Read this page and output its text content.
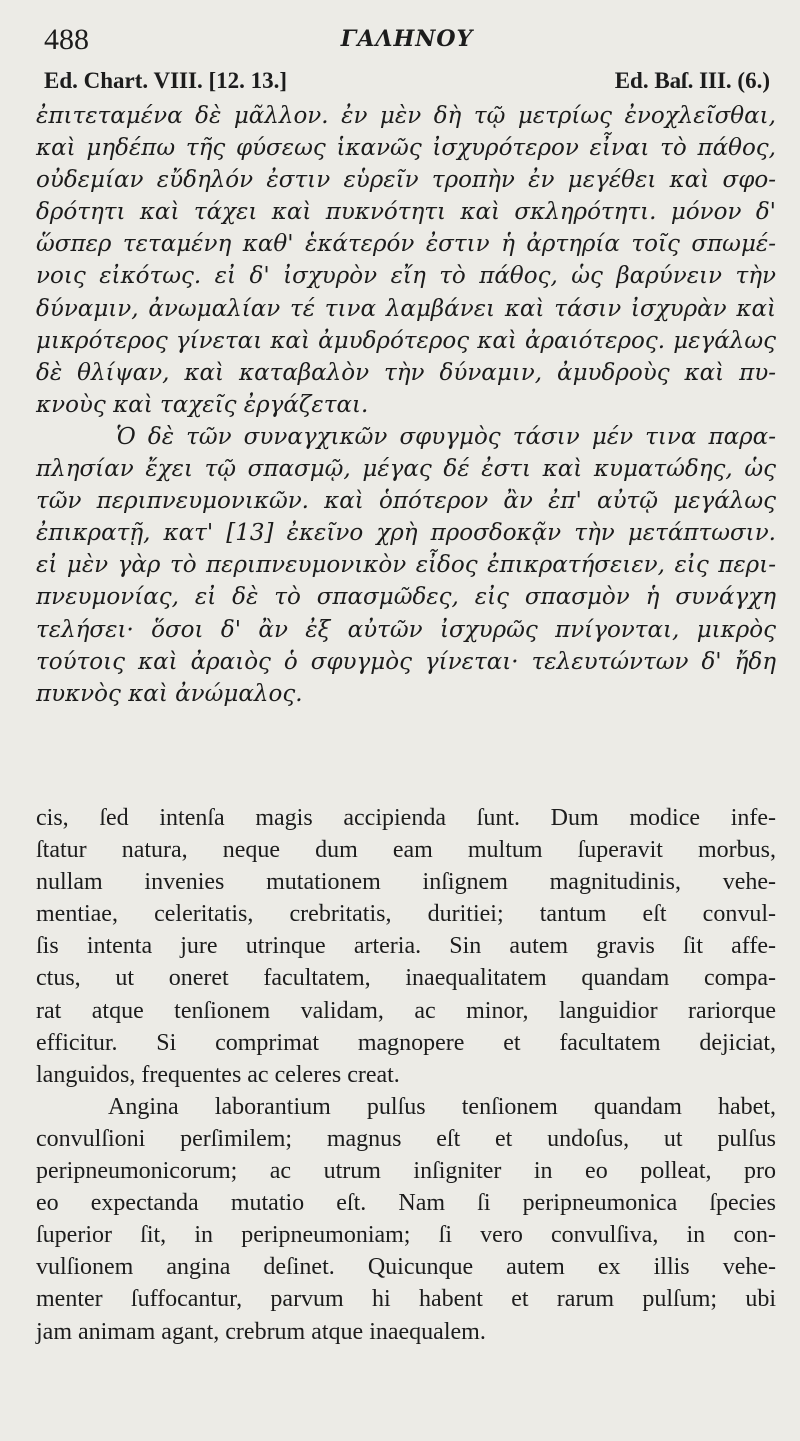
488	ΓΑΛΗΝΟΥ
Ed. Chart. VIII. [12. 13.]	Ed. Baſ. III. (6.)
ἐπιτεταμένα δὲ μᾶλλον. ἐν μὲν δὴ τῷ μετρίως ἐνοχλεῖσθαι,
καὶ μηδέπω τῆς φύσεως ἱκανῶς ἰσχυρότερον εἶναι τὸ πάθος,
οὐδεμίαν εὔδηλόν ἐστιν εὑρεῖν τροπὴν ἐν μεγέθει καὶ σφο-
δρότητι καὶ τάχει καὶ πυκνότητι καὶ σκληρότητι. μόνον δ'
ὥσπερ τεταμένη καθ' ἑκάτερόν ἐστιν ἡ ἀρτηρία τοῖς σπωμέ-
νοις εἰκότως. εἰ δ' ἰσχυρὸν εἴη τὸ πάθος, ὡς βαρύνειν τὴν
δύναμιν, ἀνωμαλίαν τέ τινα λαμβάνει καὶ τάσιν ἰσχυρὰν καὶ
μικρότερος γίνεται καὶ ἀμυδρότερος καὶ ἀραιότερος. μεγάλως
δὲ θλίψαν, καὶ καταβαλὸν τὴν δύναμιν, ἀμυδροὺς καὶ πυ-
κνοὺς καὶ ταχεῖς ἐργάζεται.
Ὁ δὲ τῶν συναγχικῶν σφυγμὸς τάσιν μέν τινα παρα-
πλησίαν ἔχει τῷ σπασμῷ, μέγας δέ ἐστι καὶ κυματώδης, ὡς
τῶν περιπνευμονικῶν. καὶ ὁπότερον ἂν ἐπ' αὐτῷ μεγάλως
ἐπικρατῇ, κατ' [13] ἐκεῖνο χρὴ προσδοκᾷν τὴν μετάπτωσιν.
εἰ μὲν γὰρ τὸ περιπνευμονικὸν εἶδος ἐπικρατήσειεν, εἰς περι-
πνευμονίας, εἰ δὲ τὸ σπασμῶδες, εἰς σπασμὸν ἡ συνάγχη
τελήσει· ὅσοι δ' ἂν ἐξ αὐτῶν ἰσχυρῶς πνίγονται, μικρὸς
τούτοις καὶ ἀραιὸς ὁ σφυγμὸς γίνεται· τελευτώντων δ' ἤδη
πυκνὸς καὶ ἀνώμαλος.
cis, ſed intenſa magis accipienda ſunt. Dum modice infe-
ſtatur natura, neque dum eam multum ſuperavit morbus,
nullam invenies mutationem inſignem magnitudinis, vehe-
mentiae, celeritatis, crebritatis, duritiei; tantum eſt convul-
ſis intenta jure utrinque arteria. Sin autem gravis ſit affe-
ctus, ut oneret facultatem, inaequalitatem quandam compa-
rat atque tenſionem validam, ac minor, languidior rariorque
efficitur. Si comprimat magnopere et facultatem dejiciat,
languidos, frequentes ac celeres creat.
Angina laborantium pulſus tenſionem quandam habet,
convulſioni perſimilem; magnus eſt et undoſus, ut pulſus
peripneumonicorum; ac utrum inſigniter in eo polleat, pro
eo expectanda mutatio eſt. Nam ſi peripneumonica ſpecies
ſuperior ſit, in peripneumoniam; ſi vero convulſiva, in con-
vulſionem angina deſinet. Quicunque autem ex illis vehe-
menter ſuffocantur, parvum hi habent et rarum pulſum; ubi
jam animam agant, crebrum atque inaequalem.
